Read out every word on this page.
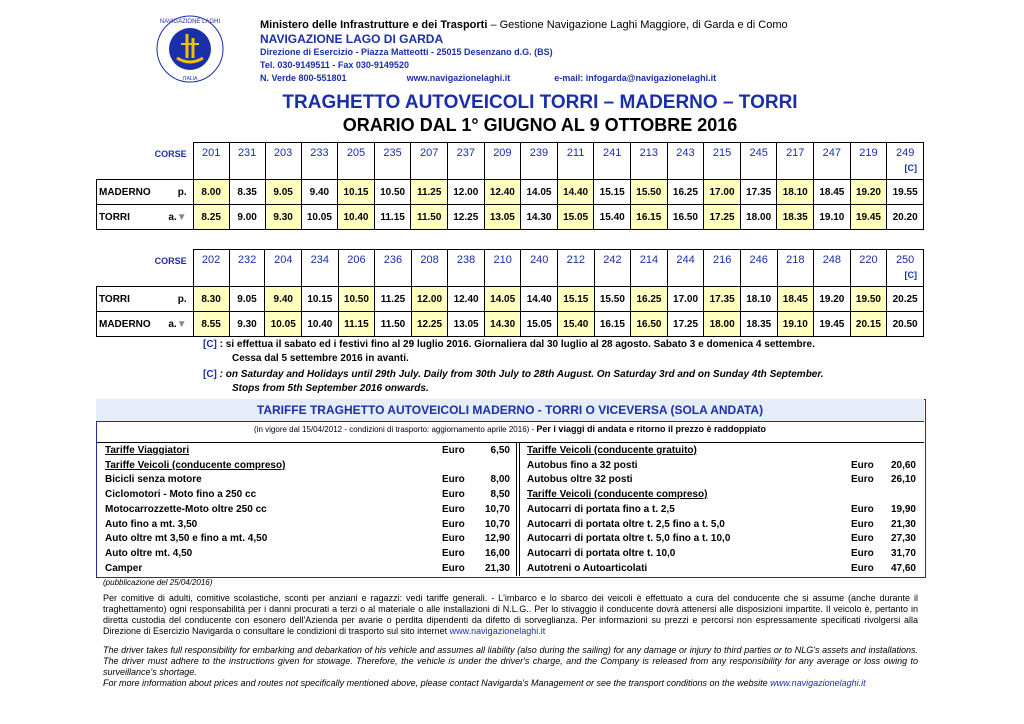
NAVIGAZIONE LAGHI
ITALIA
Ministero delle Infrastrutture e dei Trasporti – Gestione Navigazione Laghi Maggiore, di Garda e di Como
NAVIGAZIONE LAGO DI GARDA
Direzione di Esercizio - Piazza Matteotti - 25015 Desenzano d.G. (BS)
Tel. 030-9149511 - Fax 030-9149520
N. Verde 800-551801	www.navigazionelaghi.it	e-mail: infogarda@navigazionelaghi.it
TRAGHETTO AUTOVEICOLI TORRI – MADERNO – TORRI
ORARIO DAL 1° GIUGNO AL 9 OTTOBRE 2016
CORSE		201	231	203	233	205	235	207	237	209	239	211	241	213	243	215	245	217	247	219	249
[C]

MADERNO	p.	8.00	8.35	9.05	9.40	10.15	10.50	11.25	12.00	12.40	14.05	14.40	15.15	15.50	16.25	17.00	17.35	18.10	18.45	19.20	19.55
TORRI	a.▼	8.25	9.00	9.30	10.05	10.40	11.15	11.50	12.25	13.05	14.30	15.05	15.40	16.15	16.50	17.25	18.00	18.35	19.10	19.45	20.20
CORSE		202	232	204	234	206	236	208	238	210	240	212	242	214	244	216	246	218	248	220	250
[C]

TORRI	p.	8.30	9.05	9.40	10.15	10.50	11.25	12.00	12.40	14.05	14.40	15.15	15.50	16.25	17.00	17.35	18.10	18.45	19.20	19.50	20.25
MADERNO	a.▼	8.55	9.30	10.05	10.40	11.15	11.50	12.25	13.05	14.30	15.05	15.40	16.15	16.50	17.25	18.00	18.35	19.10	19.45	20.15	20.50
[C] : si effettua il sabato ed i festivi fino al 29 luglio 2016. Giornaliera dal 30 luglio al 28 agosto. Sabato 3 e domenica 4 settembre.
Cessa dal 5 settembre 2016 in avanti.
[C] : on Saturday and Holidays until 29th July. Daily from 30th July to 28th August. On Saturday 3rd and on Sunday 4th September.
Stops from 5th September 2016 onwards.
TARIFFE TRAGHETTO AUTOVEICOLI MADERNO - TORRI O VICEVERSA (SOLA ANDATA)
(in vigore dal 15/04/2012 - condizioni di trasporto: aggiornamento aprile 2016) - Per i viaggi di andata e ritorno il prezzo è raddoppiato
Tariffe Viaggiatori	Euro	6,50
Tariffe Veicoli (conducente compreso)
Bicicli senza motore	Euro	8,00
Ciclomotori - Moto fino a 250 cc	Euro	8,50
Motocarrozzette-Moto oltre 250 cc	Euro	10,70
Auto fino a mt. 3,50	Euro	10,70
Auto oltre mt 3,50 e fino a mt. 4,50	Euro	12,90
Auto oltre mt. 4,50	Euro	16,00
Camper	Euro	21,30
Tariffe Veicoli (conducente gratuito)
Autobus fino a 32 posti	Euro	20,60
Autobus oltre 32 posti	Euro	26,10
Tariffe Veicoli (conducente compreso)
Autocarri di portata fino a t. 2,5	Euro	19,90
Autocarri di portata oltre t. 2,5 fino a t. 5,0	Euro	21,30
Autocarri di portata oltre t. 5,0 fino a t. 10,0	Euro	27,30
Autocarri di portata oltre t. 10,0	Euro	31,70
Autotreni o Autoarticolati	Euro	47,60
(pubblicazione del 25/04/2016)
Per comitive di adulti, comitive scolastiche, sconti per anziani e ragazzi: vedi tariffe generali. - L'imbarco e lo sbarco dei veicoli è effettuato a cura del conducente che si assume (anche durante il traghettamento) ogni responsabilità per i danni procurati a terzi o al materiale o alle installazioni di N.L.G.. Per lo stivaggio il conducente dovrà attenersi alle disposizioni impartite. Il veicolo è, pertanto in diretta custodia del conducente con esonero dell'Azienda per avarie o perdita dipendenti da difetto di sorveglianza. Per informazioni su prezzi e percorsi non espressamente specificati rivolgersi alla Direzione di Esercizio Navigarda o consultare le condizioni di trasporto sul sito internet www.navigazionelaghi.it
The driver takes full responsibility for embarking and debarkation of his vehicle and assumes all liability (also during the sailing) for any damage or injury to third parties or to NLG's assets and installations. The driver must adhere to the instructions given for stowage. Therefore, the vehicle is under the driver's charge, and the Company is released from any responsibility for any average or loss owing to surveillance's shortage.
For more information about prices and routes not specifically mentioned above, please contact Navigarda's Management or see the transport conditions on the website www.navigazionelaghi.it
